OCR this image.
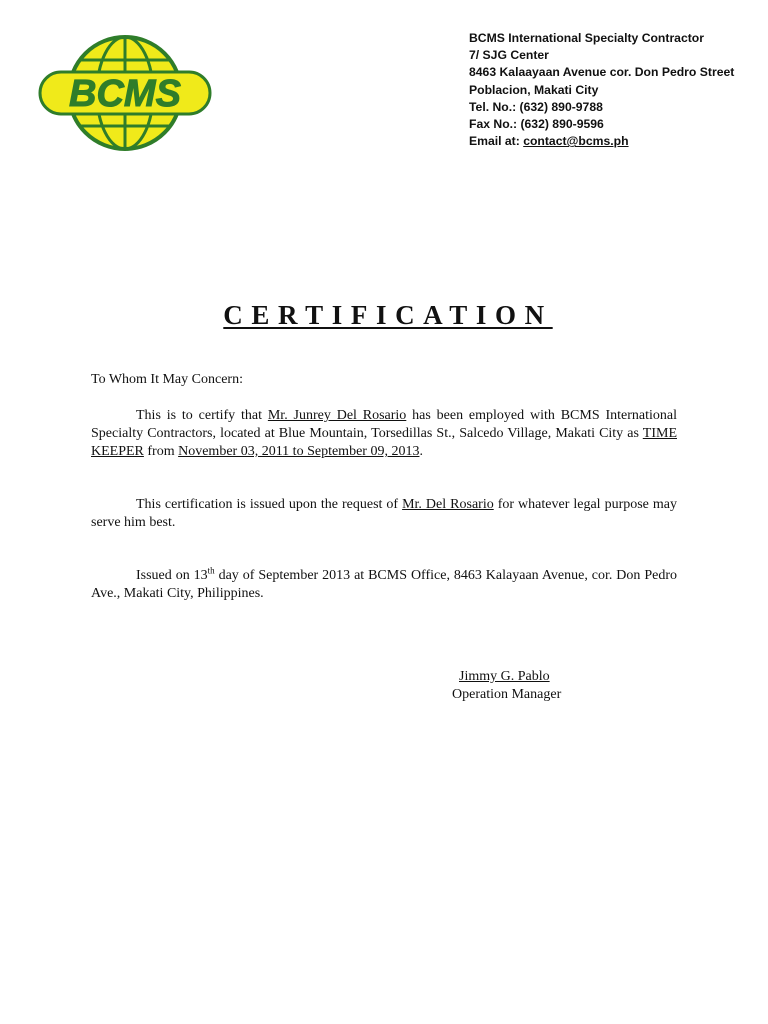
BCMS
BCMS International Specialty Contractor
7/ SJG Center
8463 Kalaayaan Avenue cor. Don Pedro Street
Poblacion, Makati City
Tel. No.: (632) 890-9788
Fax No.: (632) 890-9596
Email at: contact@bcms.ph
CERTIFICATION
To Whom It May Concern:

This is to certify that Mr. Junrey Del Rosario has been employed with BCMS International Specialty Contractors, located at Blue Mountain, Torsedillas St., Salcedo Village, Makati City as TIME KEEPER from November 03, 2011 to September 09, 2013.

This certification is issued upon the request of Mr. Del Rosario for whatever legal purpose may serve him best.

Issued on 13th day of September 2013 at BCMS Office, 8463 Kalayaan Avenue, cor. Don Pedro Ave., Makati City, Philippines.

Jimmy G. Pablo
Operation Manager
